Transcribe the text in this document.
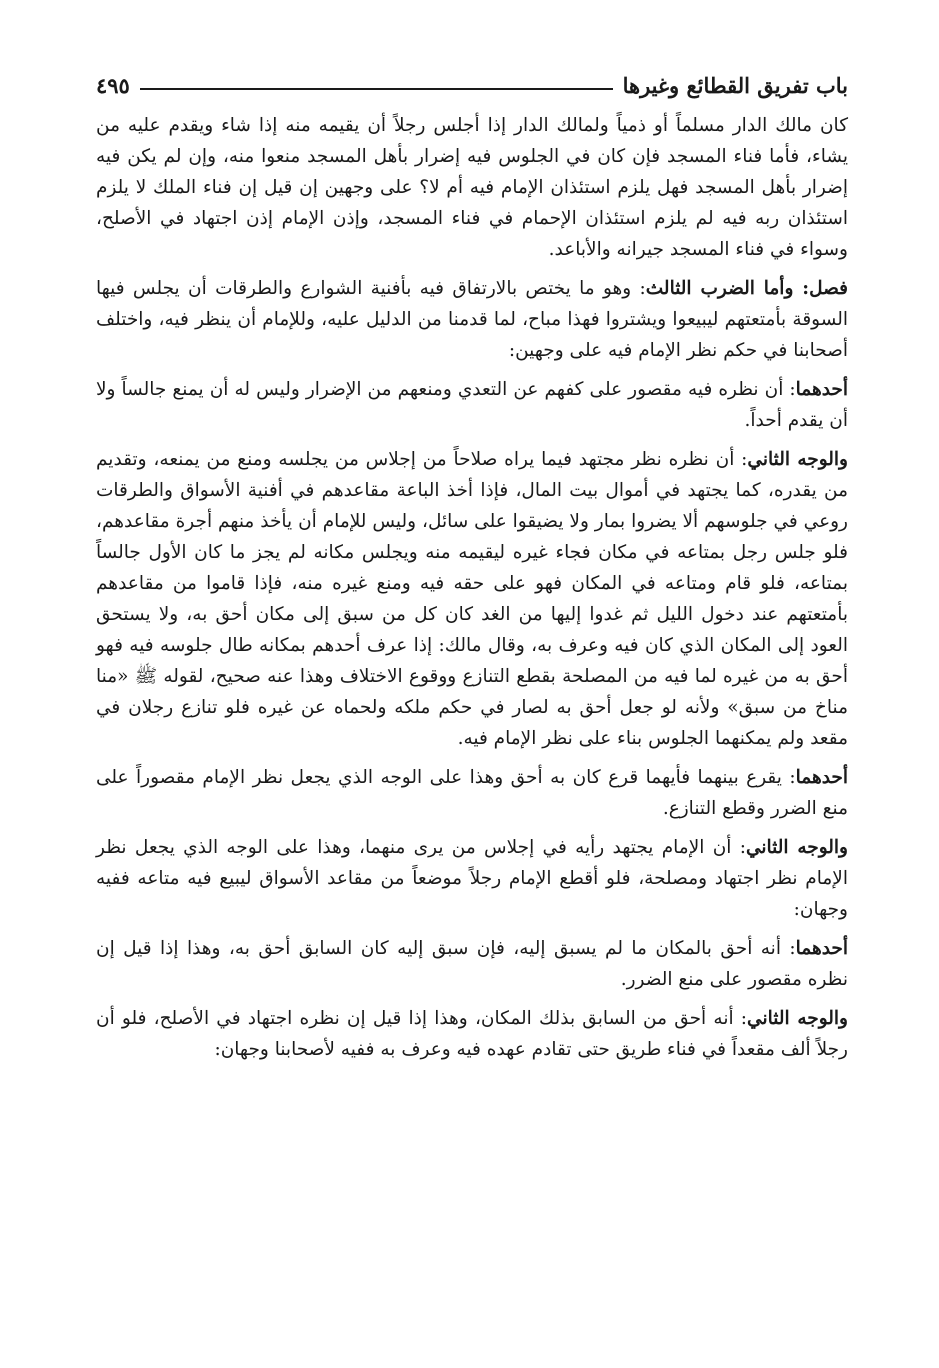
باب تفريق القطائع وغيرها
٤٩٥

كان مالك الدار مسلماً أو ذمياً ولمالك الدار إذا أجلس رجلاً أن يقيمه منه إذا شاء ويقدم عليه من يشاء، فأما فناء المسجد فإن كان في الجلوس فيه إضرار بأهل المسجد منعوا منه، وإن لم يكن فيه إضرار بأهل المسجد فهل يلزم استئذان الإمام فيه أم لا؟ على وجهين إن قيل إن فناء الملك لا يلزم استئذان ربه فيه لم يلزم استئذان الإحمام في فناء المسجد، وإذن الإمام إذن اجتهاد في الأصلح، وسواء في فناء المسجد جيرانه والأباعد.

فصل: وأما الضرب الثالث: وهو ما يختص بالارتفاق فيه بأفنية الشوارع والطرقات أن يجلس فيها السوقة بأمتعتهم ليبيعوا ويشتروا فهذا مباح، لما قدمنا من الدليل عليه، وللإمام أن ينظر فيه، واختلف أصحابنا في حكم نظر الإمام فيه على وجهين:

أحدهما: أن نظره فيه مقصور على كفهم عن التعدي ومنعهم من الإضرار وليس له أن يمنع جالساً ولا أن يقدم أحداً.

والوجه الثاني: أن نظره نظر مجتهد فيما يراه صلاحاً من إجلاس من يجلسه ومنع من يمنعه، وتقديم من يقدره، كما يجتهد في أموال بيت المال، فإذا أخذ الباعة مقاعدهم في أفنية الأسواق والطرقات روعي في جلوسهم ألا يضروا بمار ولا يضيقوا على سائل، وليس للإمام أن يأخذ منهم أجرة مقاعدهم، فلو جلس رجل بمتاعه في مكان فجاء غيره ليقيمه منه ويجلس مكانه لم يجز ما كان الأول جالساً بمتاعه، فلو قام ومتاعه في المكان فهو على حقه فيه ومنع غيره منه، فإذا قاموا من مقاعدهم بأمتعتهم عند دخول الليل ثم غدوا إليها من الغد كان كل من سبق إلى مكان أحق به، ولا يستحق العود إلى المكان الذي كان فيه وعرف به، وقال مالك: إذا عرف أحدهم بمكانه طال جلوسه فيه فهو أحق به من غيره لما فيه من المصلحة بقطع التنازع ووقوع الاختلاف وهذا عنه صحيح، لقوله ﷺ «منا مناخ من سبق» ولأنه لو جعل أحق به لصار في حكم ملكه ولحماه عن غيره فلو تنازع رجلان في مقعد ولم يمكنهما الجلوس بناء على نظر الإمام فيه.

أحدهما: يقرع بينهما فأيهما قرع كان به أحق وهذا على الوجه الذي يجعل نظر الإمام مقصوراً على منع الضرر وقطع التنازع.

والوجه الثاني: أن الإمام يجتهد رأيه في إجلاس من يرى منهما، وهذا على الوجه الذي يجعل نظر الإمام نظر اجتهاد ومصلحة، فلو أقطع الإمام رجلاً موضعاً من مقاعد الأسواق ليبيع فيه متاعه ففيه وجهان:

أحدهما: أنه أحق بالمكان ما لم يسبق إليه، فإن سبق إليه كان السابق أحق به، وهذا إذا قيل إن نظره مقصور على منع الضرر.

والوجه الثاني: أنه أحق من السابق بذلك المكان، وهذا إذا قيل إن نظره اجتهاد في الأصلح، فلو أن رجلاً ألف مقعداً في فناء طريق حتى تقادم عهده فيه وعرف به ففيه لأصحابنا وجهان:
